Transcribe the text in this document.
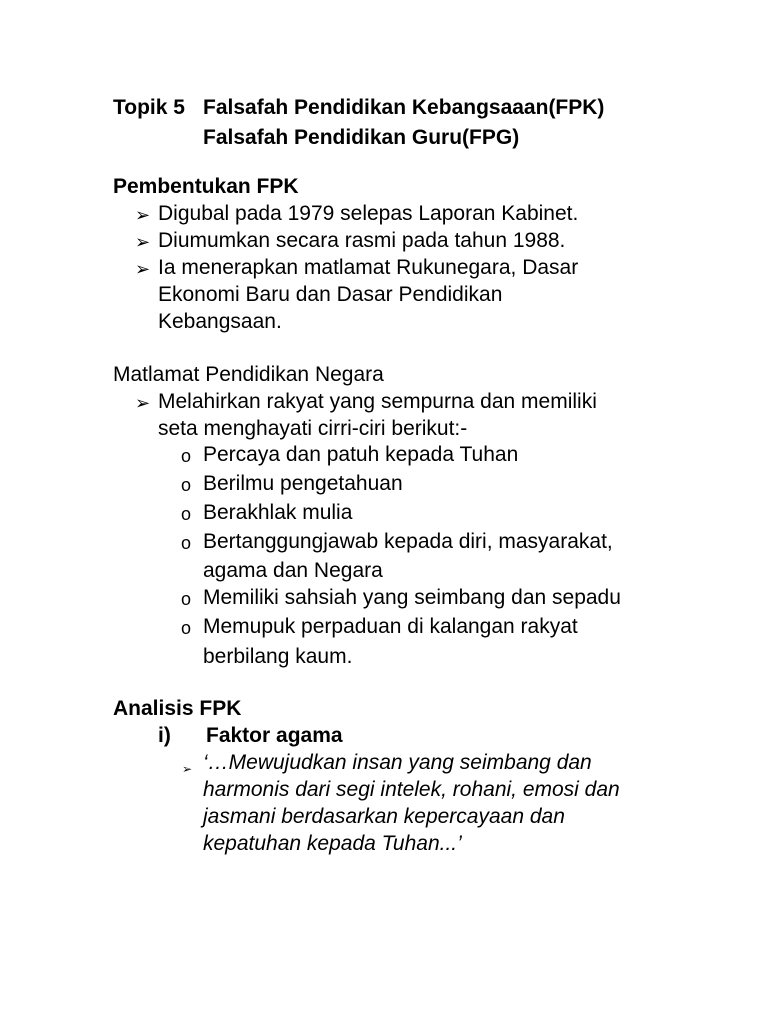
Topik 5 Falsafah Pendidikan Kebangsaaan(FPK)
Falsafah Pendidikan Guru(FPG)
Pembentukan FPK
➢ Digubal pada 1979 selepas Laporan Kabinet.
➢ Diumumkan secara rasmi pada tahun 1988.
➢ Ia menerapkan matlamat Rukunegara, Dasar
Ekonomi Baru dan Dasar Pendidikan
Kebangsaan.
Matlamat Pendidikan Negara
➢ Melahirkan rakyat yang sempurna dan memiliki
seta menghayati cirri-ciri berikut:-
o Percaya dan patuh kepada Tuhan
o Berilmu pengetahuan
o Berakhlak mulia
o Bertanggungjawab kepada diri, masyarakat,
agama dan Negara
o Memiliki sahsiah yang seimbang dan sepadu
o Memupuk perpaduan di kalangan rakyat
berbilang kaum.
Analisis FPK
i) Faktor agama
➢ ‘…Mewujudkan insan yang seimbang dan
harmonis dari segi intelek, rohani, emosi dan
jasmani berdasarkan kepercayaan dan
kepatuhan kepada Tuhan...’
